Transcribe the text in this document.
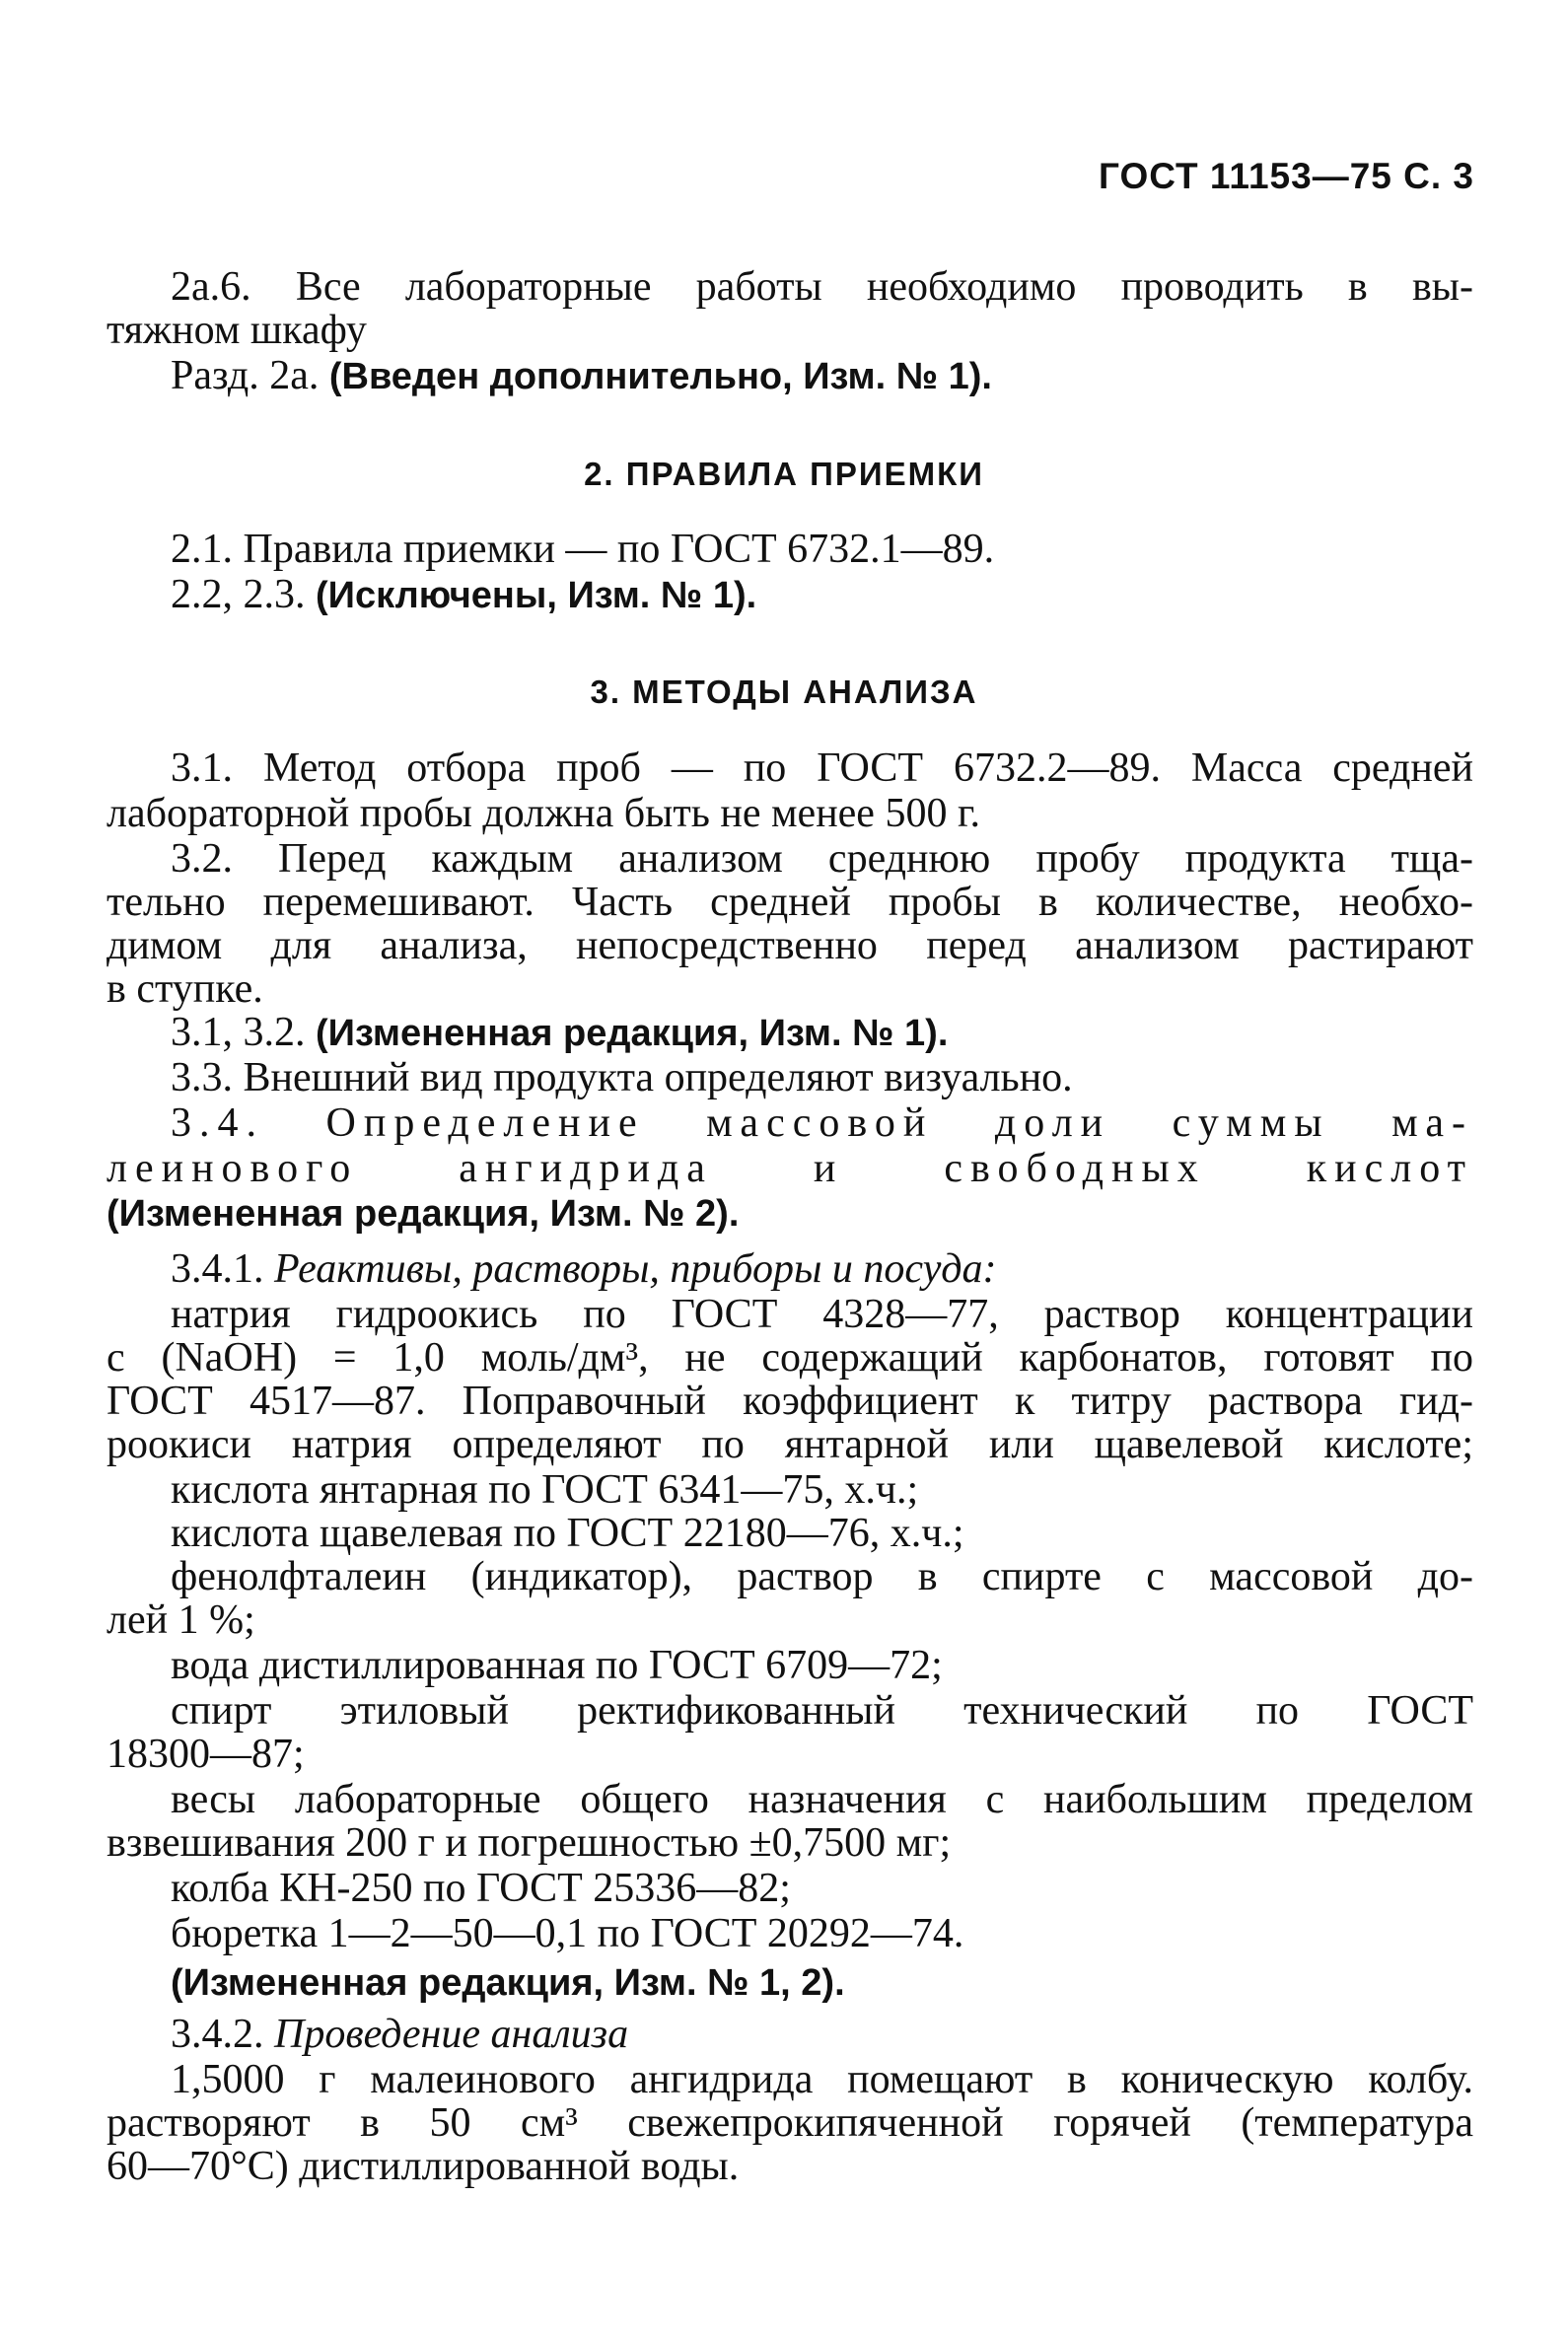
ГОСТ 11153—75 С. 3
2а.6. Все лабораторные работы необходимо проводить в вы-
тяжном шкафу
Разд. 2а. (Введен дополнительно, Изм. № 1).
2. ПРАВИЛА ПРИЕМКИ
2.1. Правила приемки — по ГОСТ 6732.1—89.
2.2, 2.3. (Исключены, Изм. № 1).
3. МЕТОДЫ АНАЛИЗА
3.1. Метод отбора проб — по ГОСТ 6732.2—89. Масса средней
лабораторной пробы должна быть не менее 500 г.
3.2. Перед каждым анализом среднюю пробу продукта тща-
тельно перемешивают. Часть средней пробы в количестве, необхо-
димом для анализа, непосредственно перед анализом растирают
в ступке.
3.1, 3.2. (Измененная редакция, Изм. № 1).
3.3. Внешний вид продукта определяют визуально.
3.4. Определение массовой доли суммы ма-
леинового ангидрида и свободных кислот
(Измененная редакция, Изм. № 2).
3.4.1. Реактивы, растворы, приборы и посуда:
натрия гидроокись по ГОСТ 4328—77, раствор концентрации
с (NaOH) = 1,0 моль/дм³, не содержащий карбонатов, готовят по
ГОСТ 4517—87. Поправочный коэффициент к титру раствора гид-
роокиси натрия определяют по янтарной или щавелевой кислоте;
кислота янтарная по ГОСТ 6341—75, х.ч.;
кислота щавелевая по ГОСТ 22180—76, х.ч.;
фенолфталеин (индикатор), раствор в спирте с массовой до-
лей 1 %;
вода дистиллированная по ГОСТ 6709—72;
спирт этиловый ректификованный технический по ГОСТ
18300—87;
весы лабораторные общего назначения с наибольшим пределом
взвешивания 200 г и погрешностью ±0,7500 мг;
колба КН-250 по ГОСТ 25336—82;
бюретка 1—2—50—0,1 по ГОСТ 20292—74.
(Измененная редакция, Изм. № 1, 2).
3.4.2. Проведение анализа
1,5000 г малеинового ангидрида помещают в коническую колбу.
растворяют в 50 см³ свежепрокипяченной горячей (температура
60—70°С) дистиллированной воды.
